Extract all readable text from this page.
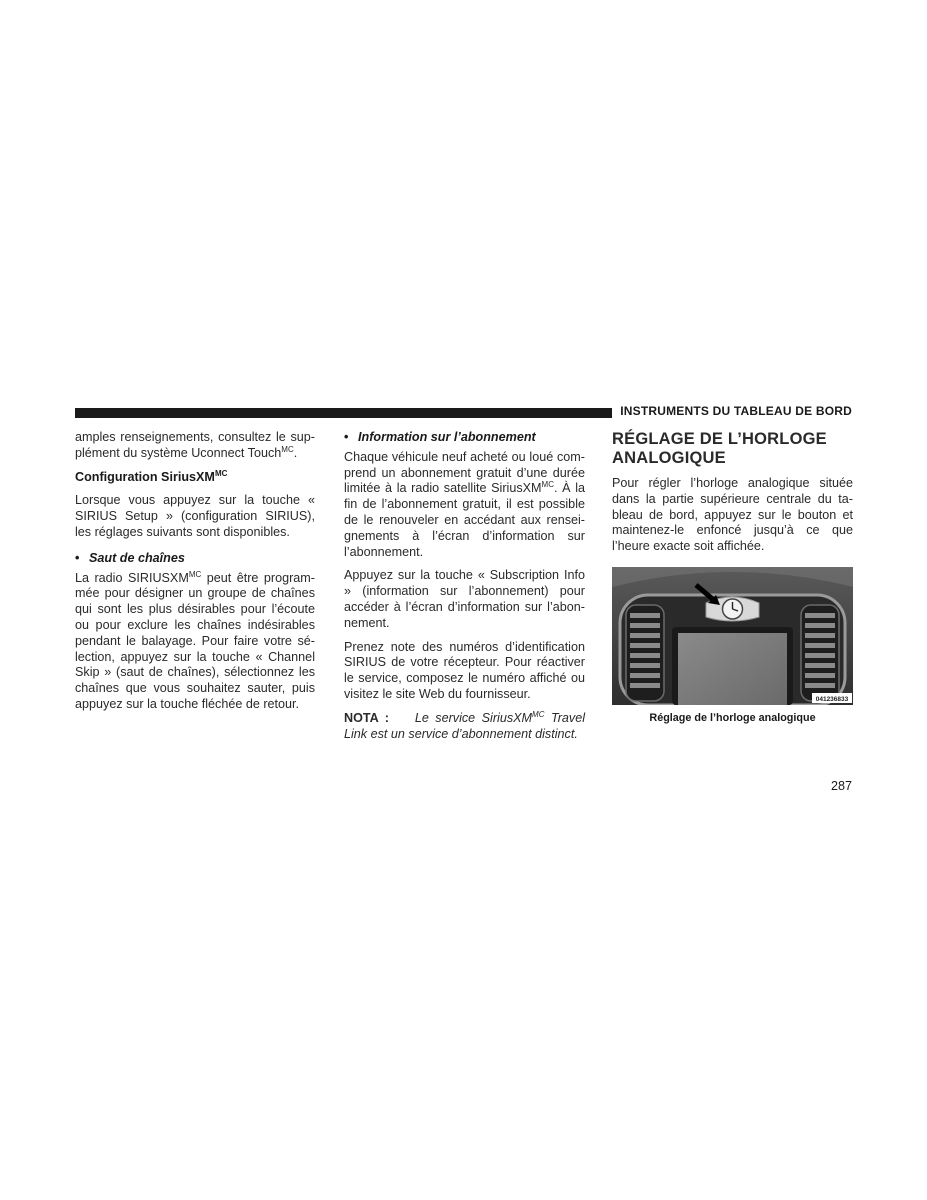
INSTRUMENTS DU TABLEAU DE BORD

amples renseignements, consultez le sup-plément du système Uconnect Touch$^{MC}$.

Configuration SiriusXM$^{MC}$

Lorsque vous appuyez sur la touche « SIRIUS Setup » (configuration SIRIUS), les réglages suivants sont disponibles.

• Saut de chaînes

La radio $SIRIUSXM^{MC}$ peut être program-mée pour désigner un groupe de chaînes qui sont les plus désirables pour l’écoute ou pour exclure les chaînes indésirables pendant le balayage. Pour faire votre sé-lection, appuyez sur la touche « Channel Skip » (saut de chaînes), sélectionnez les chaînes que vous souhaitez sauter, puis appuyez sur la touche fléchée de retour.

• Information sur l’abonnement

Chaque véhicule neuf acheté ou loué com-prend un abonnement gratuit d’une durée limitée à la radio satellite SiriusXM$^{MC}$. À la fin de l’abonnement gratuit, il est possible de le renouveler en accédant aux rensei-gnements à l’écran d’information sur l’abonnement.

Appuyez sur la touche « Subscription Info » (information sur l’abonnement) pour accéder à l’écran d’information sur l’abon-nement.

Prenez note des numéros d’identification SIRIUS de votre récepteur. Pour réactiver le service, composez le numéro affiché ou visitez le site Web du fournisseur.

NOTA : Le service SiriusXM$^{MC}$ Travel Link est un service d’abonnement distinct.

RÉGLAGE DE L’HORLOGE ANALOGIQUE

Pour régler l’horloge analogique située dans la partie supérieure centrale du ta-bleau de bord, appuyez sur le bouton et maintenez-le enfoncé jusqu’à ce que l’heure exacte soit affichée.

041236833
Réglage de l’horloge analogique
287
